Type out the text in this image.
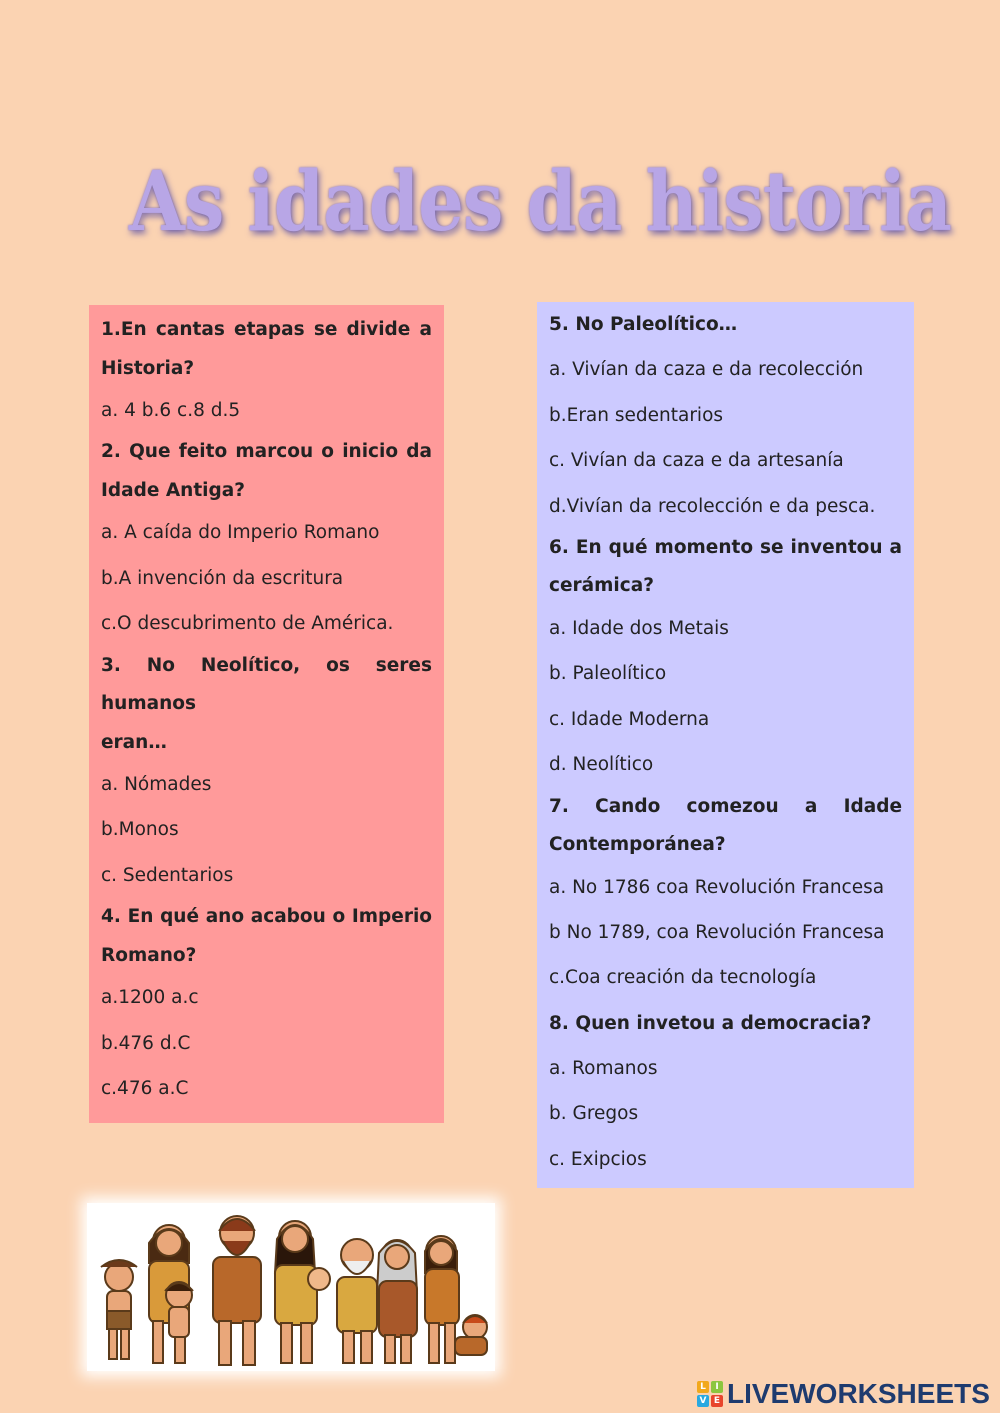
As idades da historia
1.En cantas etapas se divide a
Historia?
a. 4 b.6 c.8 d.5
2. Que feito marcou o inicio da
Idade Antiga?
a. A caída do Imperio Romano
b.A invención da escritura
c.O descubrimento de América.
3. No Neolítico, os seres humanos
eran…
a. Nómades
b.Monos
c. Sedentarios
4. En qué ano acabou o Imperio
Romano?
a.1200 a.c
b.476 d.C
c.476 a.C
5. No Paleolítico…
a. Vivían da caza e da recolección
b.Eran sedentarios
c. Vivían da caza e da artesanía
d.Vivían da recolección e da pesca.
6. En qué momento se inventou a
cerámica?
a. Idade dos Metais
b. Paleolítico
c. Idade Moderna
d. Neolítico
7. Cando comezou a Idade
Contemporánea?
a. No 1786 coa Revolución Francesa
b No 1789, coa Revolución Francesa
c.Coa creación da tecnología
8. Quen invetou a democracia?
a. Romanos
b. Gregos
c. Exipcios
L	I
V E LIVEWORKSHEETS
